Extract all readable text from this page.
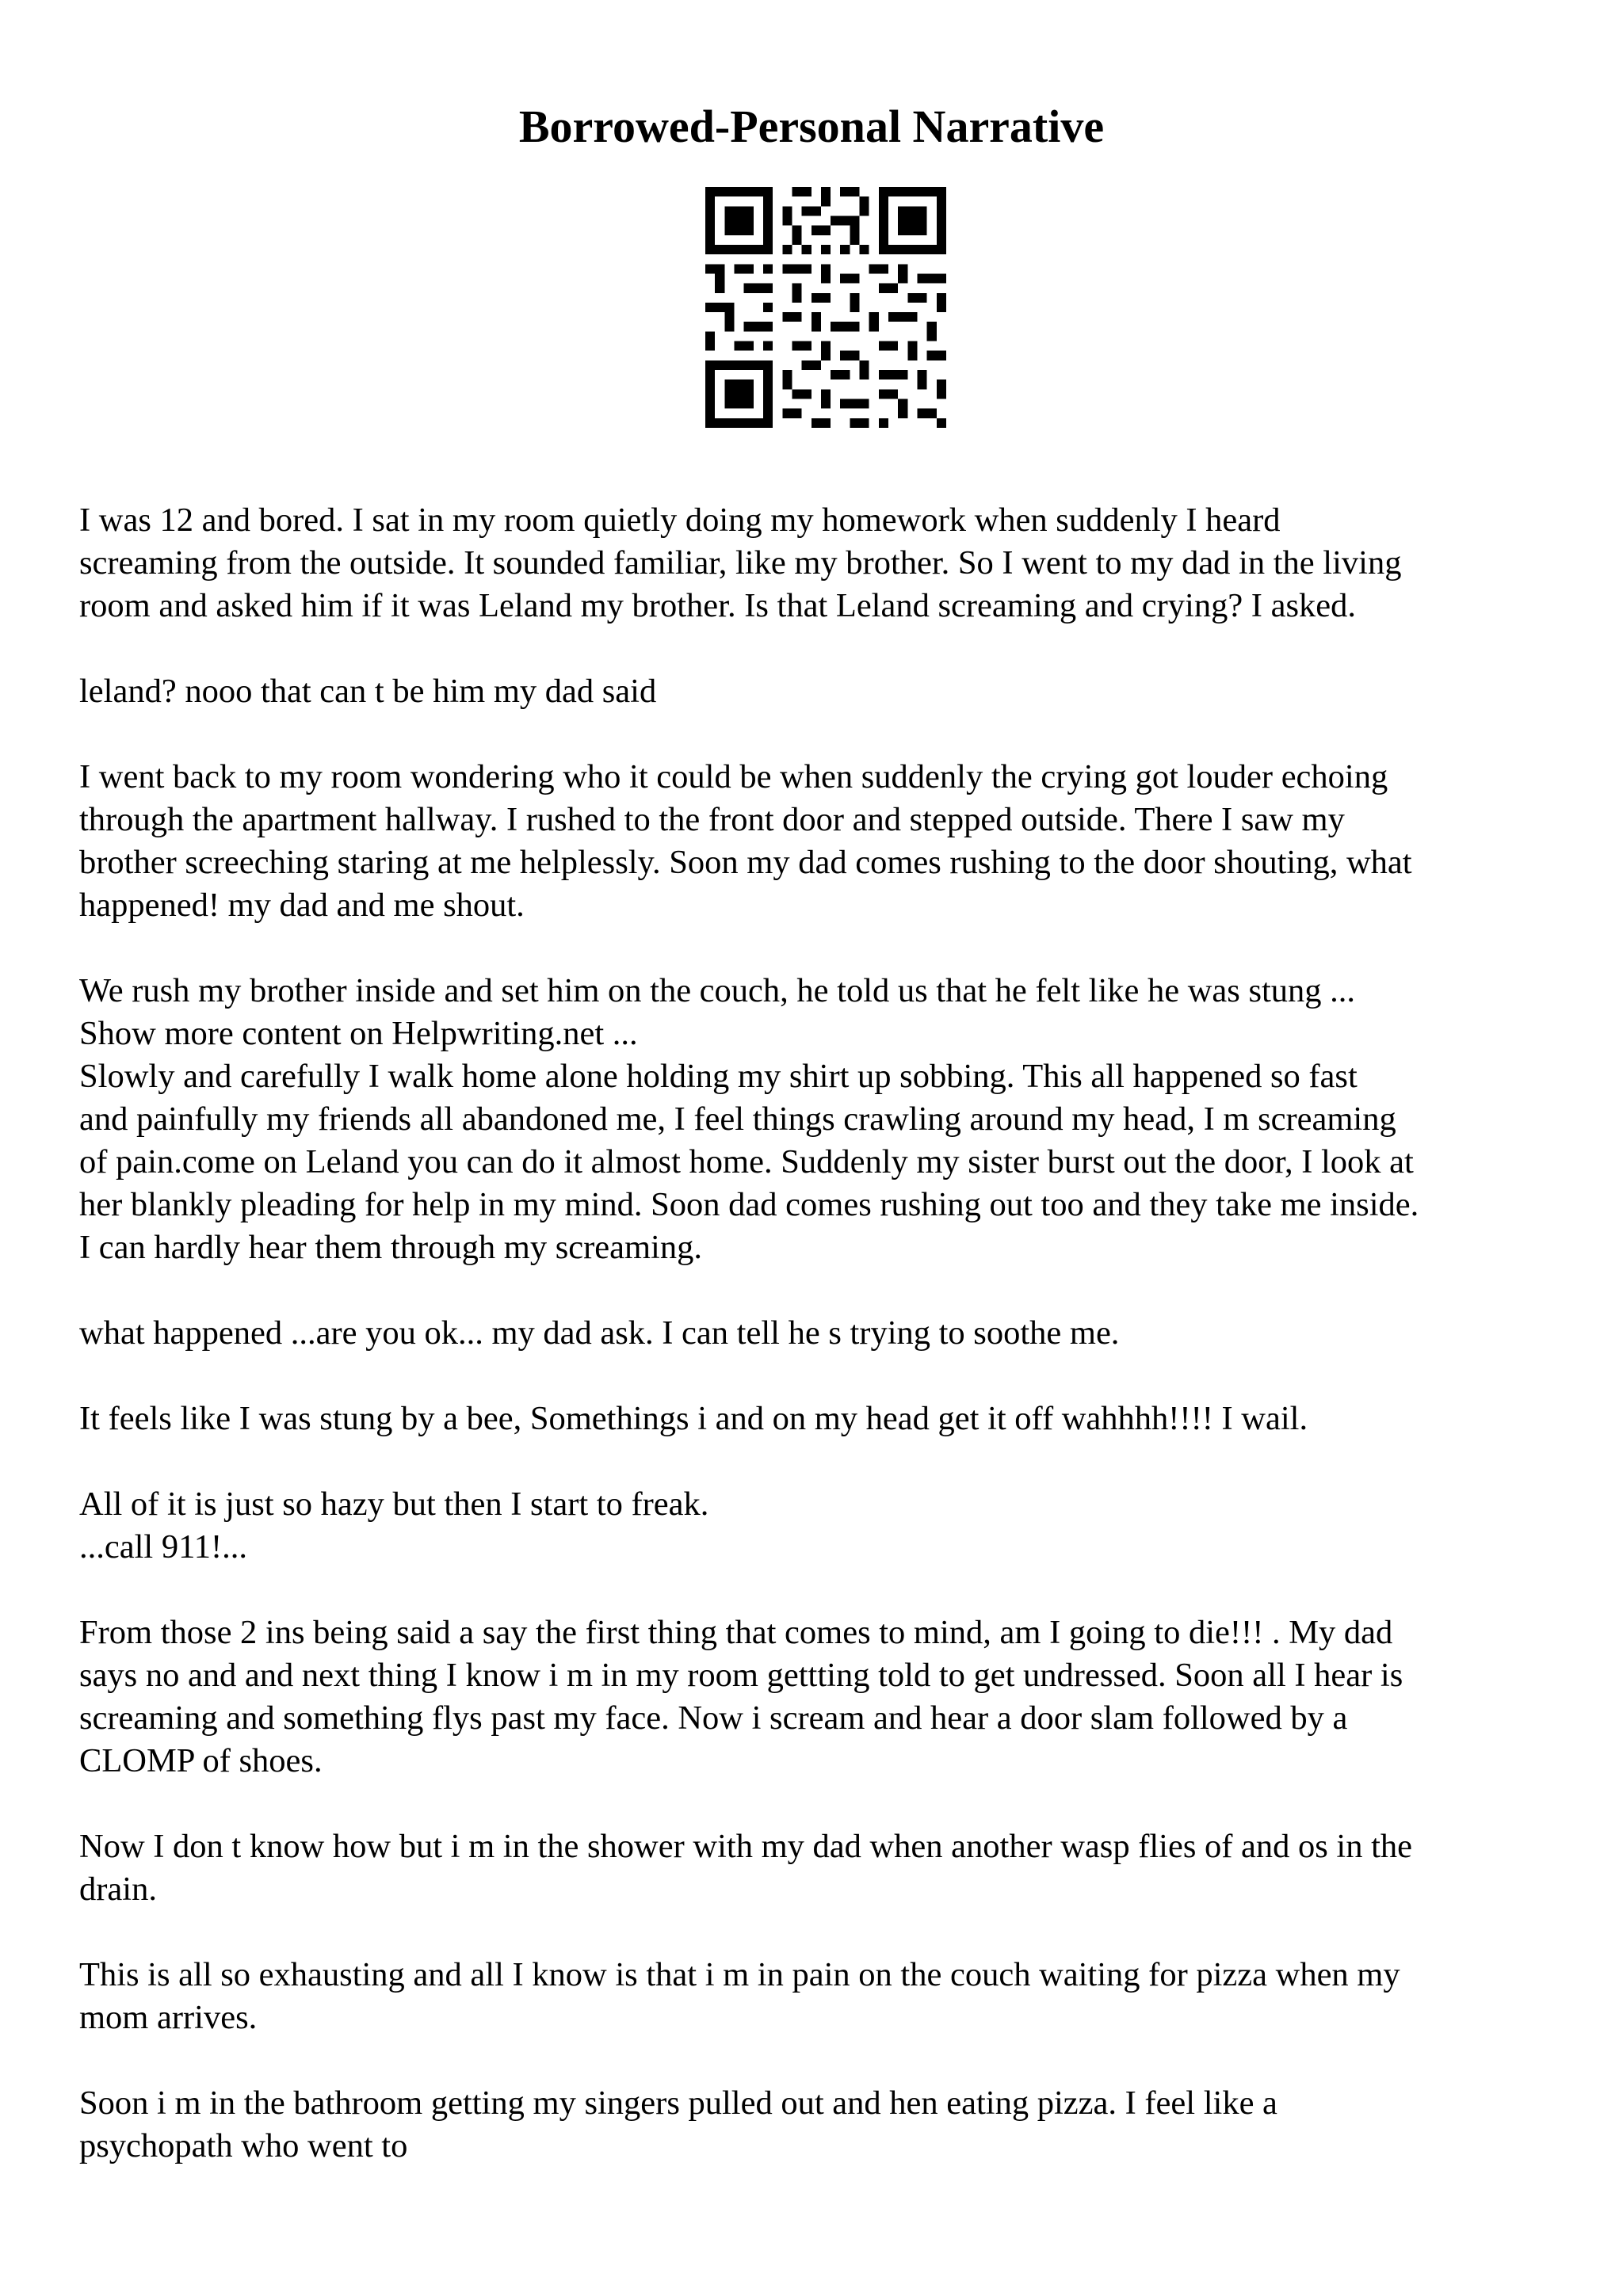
Borrowed-Personal Narrative

I was 12 and bored. I sat in my room quietly doing my homework when suddenly I heard
screaming from the outside. It sounded familiar, like my brother. So I went to my dad in the living
room and asked him if it was Leland my brother. Is that Leland screaming and crying? I asked.

leland? nooo that can t be him my dad said

I went back to my room wondering who it could be when suddenly the crying got louder echoing
through the apartment hallway. I rushed to the front door and stepped outside. There I saw my
brother screeching staring at me helplessly. Soon my dad comes rushing to the door shouting, what
happened! my dad and me shout.

We rush my brother inside and set him on the couch, he told us that he felt like he was stung ...
Show more content on Helpwriting.net ...

Slowly and carefully I walk home alone holding my shirt up sobbing. This all happened so fast
and painfully my friends all abandoned me, I feel things crawling around my head, I m screaming
of pain.come on Leland you can do it almost home. Suddenly my sister burst out the door, I look at
her blankly pleading for help in my mind. Soon dad comes rushing out too and they take me inside.
I can hardly hear them through my screaming.

what happened ...are you ok... my dad ask. I can tell he s trying to soothe me.

It feels like I was stung by a bee, Somethings i and on my head get it off wahhhh!!!! I wail.

All of it is just so hazy but then I start to freak.
...call 911!...

From those 2 ins being said a say the first thing that comes to mind, am I going to die!!! . My dad
says no and and next thing I know i m in my room gettting told to get undressed. Soon all I hear is
screaming and something flys past my face. Now i scream and hear a door slam followed by a
CLOMP of shoes.

Now I don t know how but i m in the shower with my dad when another wasp flies of and os in the
drain.

This is all so exhausting and all I know is that i m in pain on the couch waiting for pizza when my
mom arrives.

Soon i m in the bathroom getting my singers pulled out and hen eating pizza. I feel like a
psychopath who went to
